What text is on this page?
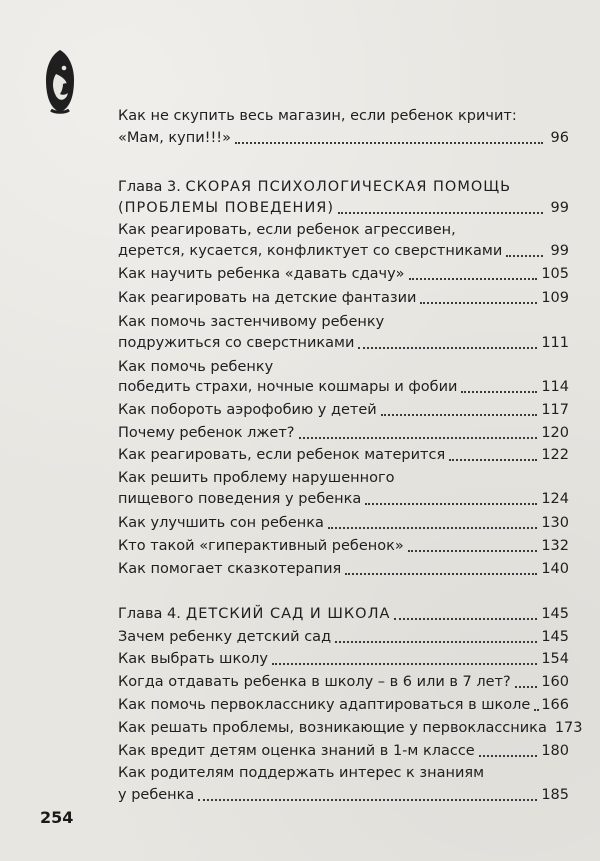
Как не скупить весь магазин, если ребенок кричит:
«Мам, купи!!!»	96
Глава 3. СКОРАЯ ПСИХОЛОГИЧЕСКАЯ ПОМОЩЬ
(ПРОБЛЕМЫ ПОВЕДЕНИЯ)	99
Как реагировать, если ребенок агрессивен,
дерется, кусается, конфликтует со сверстниками	99
Как научить ребенка «давать сдачу»	105
Как реагировать на детские фантазии	109
Как помочь застенчивому ребенку
подружиться со сверстниками	111
Как помочь ребенку
победить страхи, ночные кошмары и фобии	114
Как побороть аэрофобию у детей	117
Почему ребенок лжет?	120
Как реагировать, если ребенок матерится	122
Как решить проблему нарушенного
пищевого поведения у ребенка	124
Как улучшить сон ребенка	130
Кто такой «гиперактивный ребенок»	132
Как помогает сказкотерапия	140
Глава 4. ДЕТСКИЙ САД И ШКОЛА	145
Зачем ребенку детский сад	145
Как выбрать школу	154
Когда отдавать ребенка в школу – в 6 или в 7 лет? 160
Как помочь первокласснику адаптироваться в школе 166
Как решать проблемы, возникающие у первоклассника 173
Как вредит детям оценка знаний в 1-м классе	180
Как родителям поддержать интерес к знаниям
у ребенка	185
254
